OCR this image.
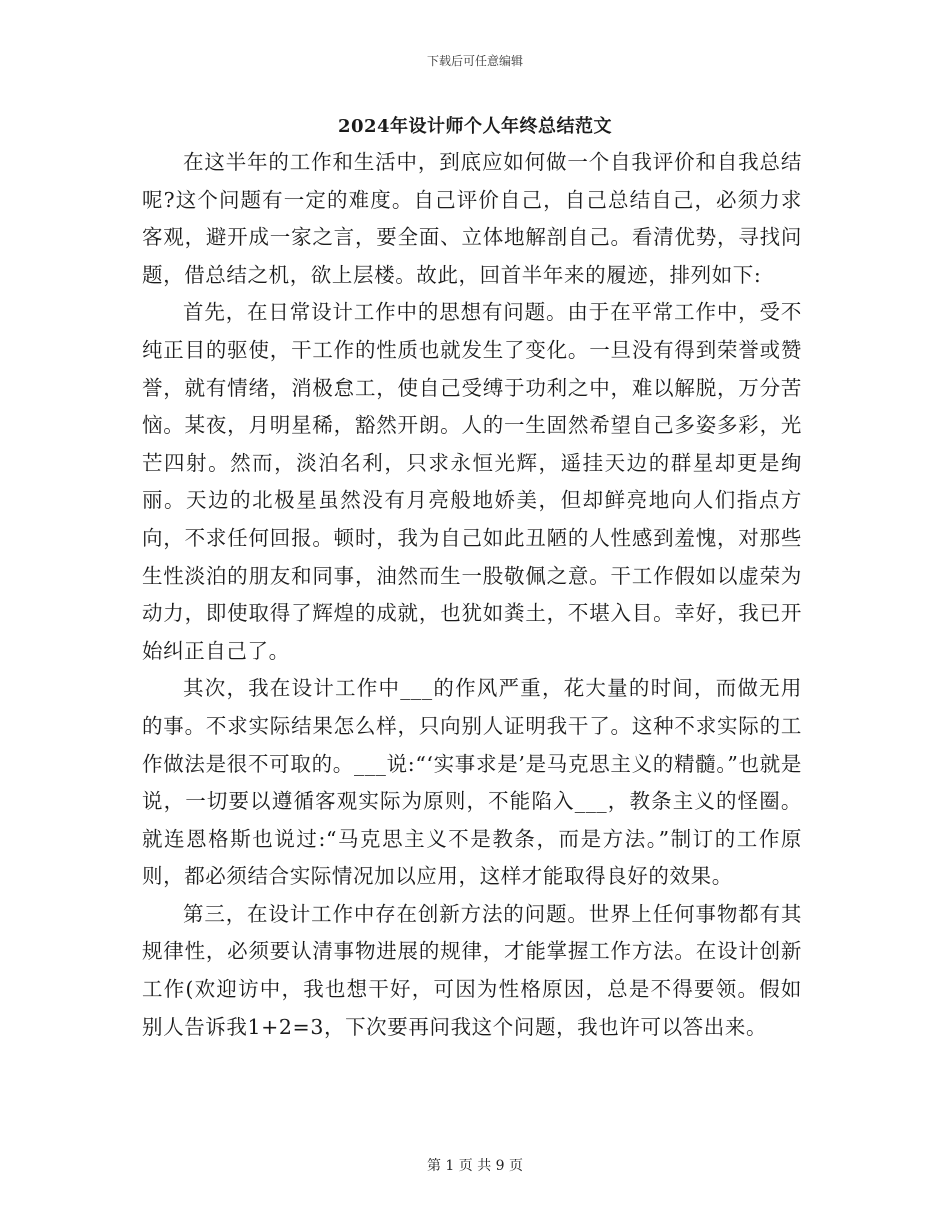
下载后可任意编辑
2024年设计师个人年终总结范文

在这半年的工作和生活中，到底应如何做一个自我评价和自我总结呢?这个问题有一定的难度。自己评价自己，自己总结自己，必须力求客观，避开成一家之言，要全面、立体地解剖自己。看清优势，寻找问题，借总结之机，欲上层楼。故此，回首半年来的履迹，排列如下:

首先，在日常设计工作中的思想有问题。由于在平常工作中，受不纯正目的驱使，干工作的性质也就发生了变化。一旦没有得到荣誉或赞誉，就有情绪，消极怠工，使自己受缚于功利之中，难以解脱，万分苦恼。某夜，月明星稀，豁然开朗。人的一生固然希望自己多姿多彩，光芒四射。然而，淡泊名利，只求永恒光辉，遥挂天边的群星却更是绚丽。天边的北极星虽然没有月亮般地娇美，但却鲜亮地向人们指点方向，不求任何回报。顿时，我为自己如此丑陋的人性感到羞愧，对那些生性淡泊的朋友和同事，油然而生一股敬佩之意。干工作假如以虚荣为动力，即使取得了辉煌的成就，也犹如粪土，不堪入目。幸好，我已开始纠正自己了。

其次，我在设计工作中___的作风严重，花大量的时间，而做无用的事。不求实际结果怎么样，只向别人证明我干了。这种不求实际的工作做法是很不可取的。___说:“‘实事求是’是马克思主义的精髓。”也就是说，一切要以遵循客观实际为原则，不能陷入___，教条主义的怪圈。就连恩格斯也说过:“马克思主义不是教条，而是方法。”制订的工作原则，都必须结合实际情况加以应用，这样才能取得良好的效果。

第三，在设计工作中存在创新方法的问题。世界上任何事物都有其规律性，必须要认清事物进展的规律，才能掌握工作方法。在设计创新工作(欢迎访中，我也想干好，可因为性格原因，总是不得要领。假如别人告诉我1+2=3，下次要再问我这个问题，我也许可以答出来。

第 1 页 共 9 页
